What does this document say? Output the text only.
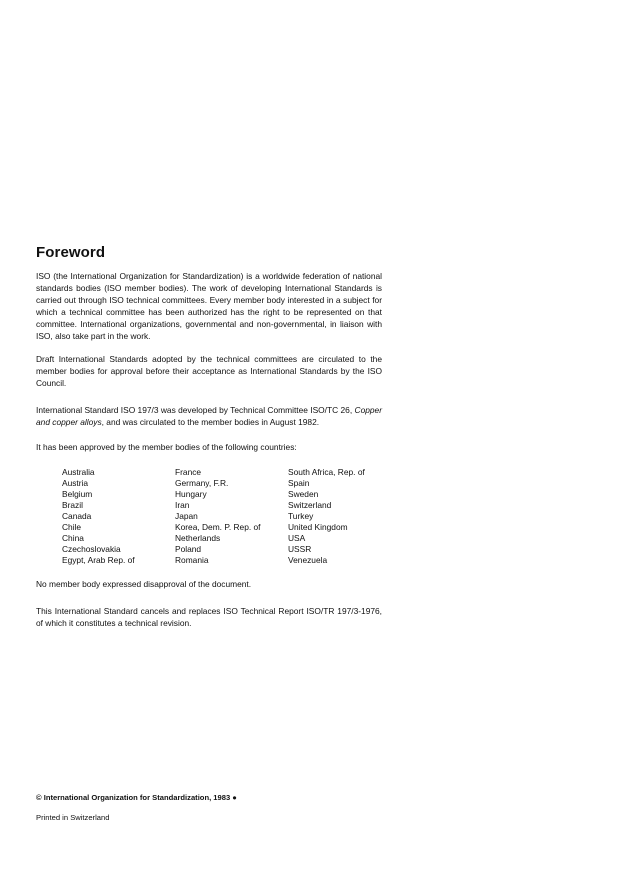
Foreword
ISO (the International Organization for Standardization) is a worldwide federation of national standards bodies (ISO member bodies). The work of developing International Standards is carried out through ISO technical committees. Every member body interested in a subject for which a technical committee has been authorized has the right to be represented on that committee. International organizations, governmental and non-governmental, in liaison with ISO, also take part in the work.
Draft International Standards adopted by the technical committees are circulated to the member bodies for approval before their acceptance as International Standards by the ISO Council.
International Standard ISO 197/3 was developed by Technical Committee ISO/TC 26, Copper and copper alloys, and was circulated to the member bodies in August 1982.
It has been approved by the member bodies of the following countries:
Australia	France	South Africa, Rep. of
Austria	Germany, F.R.	Spain
Belgium	Hungary	Sweden
Brazil	Iran	Switzerland
Canada	Japan	Turkey
Chile	Korea, Dem. P. Rep. of	United Kingdom
China	Netherlands	USA
Czechoslovakia	Poland	USSR
Egypt, Arab Rep. of	Romania	Venezuela
No member body expressed disapproval of the document.
This International Standard cancels and replaces ISO Technical Report ISO/TR 197/3-1976, of which it constitutes a technical revision.
© International Organization for Standardization, 1983 ●
Printed in Switzerland
